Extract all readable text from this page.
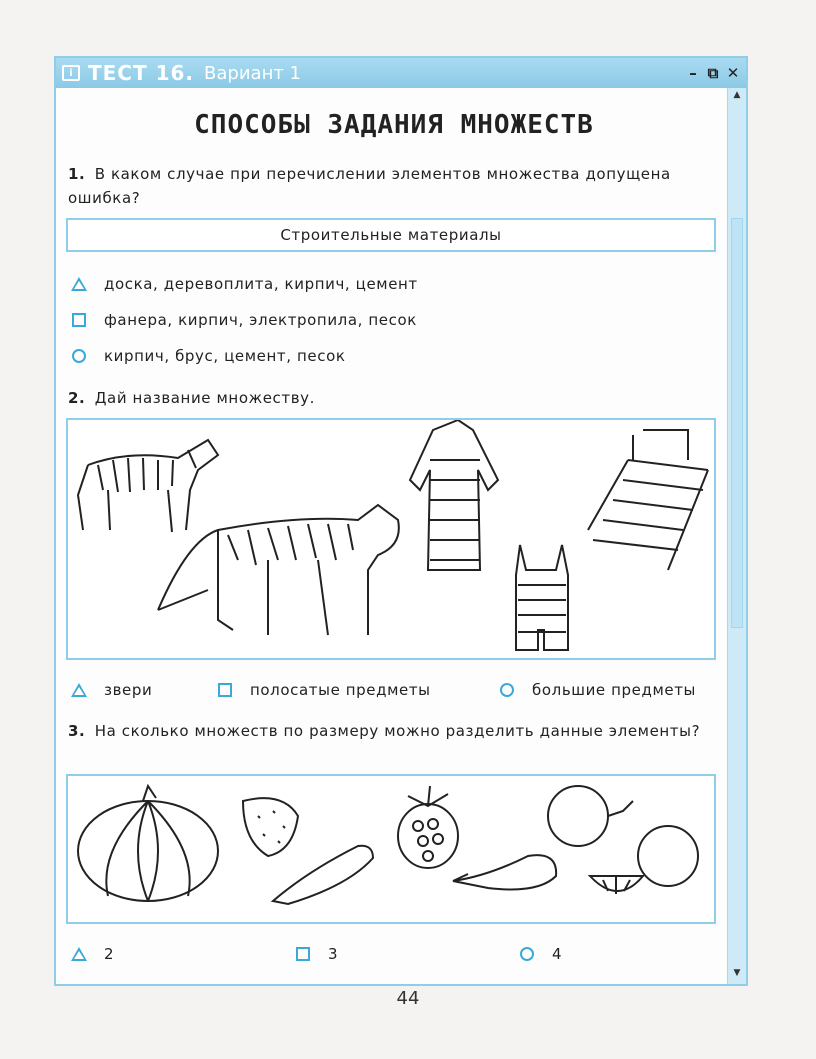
i ТЕСТ 16. Вариант 1	– ⧉ ✕
▲
▼
СПОСОБЫ ЗАДАНИЯ МНОЖЕСТВ
1. В каком случае при перечислении элементов множества допущена ошибка?
Строительные материалы
доска, деревоплита, кирпич, цемент
фанера, кирпич, электропила, песок
кирпич, брус, цемент, песок
2. Дай название множеству.
звери	полосатые предметы	большие предметы
3. На сколько множеств по размеру можно разделить данные элементы?
2	3	4
44
